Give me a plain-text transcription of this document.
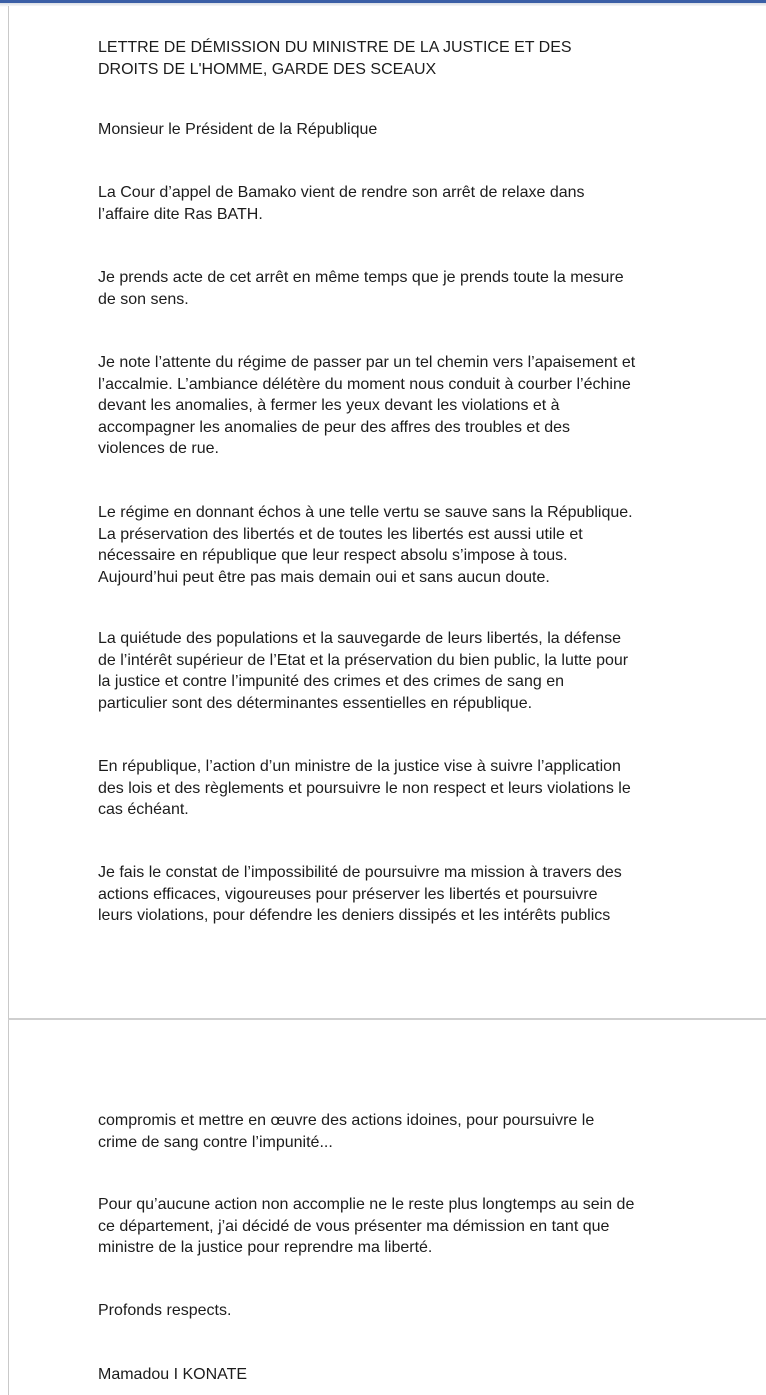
LETTRE DE DÉMISSION DU MINISTRE DE LA JUSTICE ET DES
DROITS DE L'HOMME, GARDE DES SCEAUX

Monsieur le Président de la République

La Cour d’appel de Bamako vient de rendre son arrêt de relaxe dans
l’affaire dite Ras BATH.

Je prends acte de cet arrêt en même temps que je prends toute la mesure
de son sens.

Je note l’attente du régime de passer par un tel chemin vers l’apaisement et
l’accalmie. L’ambiance délétère du moment nous conduit à courber l’échine
devant les anomalies, à fermer les yeux devant les violations et à
accompagner les anomalies de peur des affres des troubles et des
violences de rue.

Le régime en donnant échos à une telle vertu se sauve sans la République.
La préservation des libertés et de toutes les libertés est aussi utile et
nécessaire en république que leur respect absolu s’impose à tous.
Aujourd’hui peut être pas mais demain oui et sans aucun doute.

La quiétude des populations et la sauvegarde de leurs libertés, la défense
de l’intérêt supérieur de l’Etat et la préservation du bien public, la lutte pour
la justice et contre l’impunité des crimes et des crimes de sang en
particulier sont des déterminantes essentielles en république.

En république, l’action d’un ministre de la justice vise à suivre l’application
des lois et des règlements et poursuivre le non respect et leurs violations le
cas échéant.

Je fais le constat de l’impossibilité de poursuivre ma mission à travers des
actions efficaces, vigoureuses pour préserver les libertés et poursuivre
leurs violations, pour défendre les deniers dissipés et les intérêts publics

compromis et mettre en œuvre des actions idoines, pour poursuivre le
crime de sang contre l’impunité...

Pour qu’aucune action non accomplie ne le reste plus longtemps au sein de
ce département, j’ai décidé de vous présenter ma démission en tant que
ministre de la justice pour reprendre ma liberté.

Profonds respects.

Mamadou I KONATE
